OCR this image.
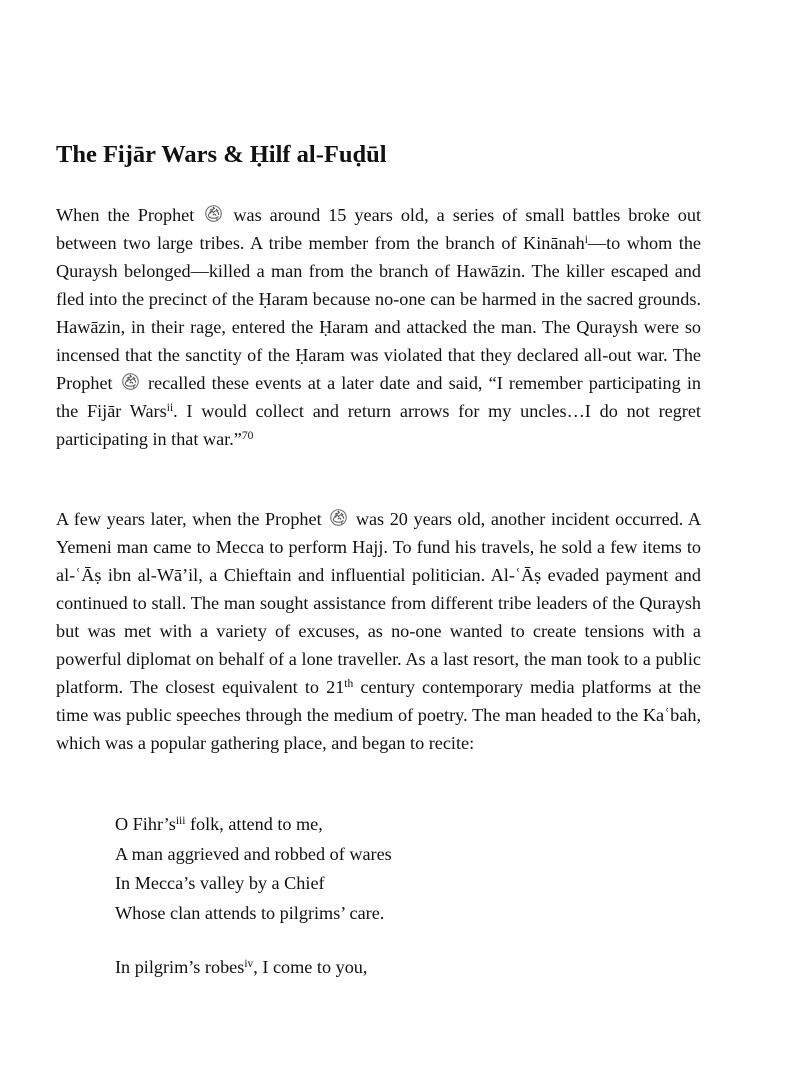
The Fijār Wars & Ḥilf al-Fuḍūl

When the Prophet was around 15 years old, a series of small battles broke out between two large tribes. A tribe member from the branch of Kinānah$^i$—to whom the Quraysh belonged—killed a man from the branch of Hawāzin. The killer escaped and fled into the precinct of the Ḥaram because no-one can be harmed in the sacred grounds. Hawāzin, in their rage, entered the Ḥaram and attacked the man. The Quraysh were so incensed that the sanctity of the Ḥaram was violated that they declared all-out war. The Prophet recalled these events at a later date and said, “I remember participating in the Fijār Wars$^{ii}$. I would collect and return arrows for my uncles…I do not regret participating in that war.”$^{70}$

A few years later, when the Prophet was 20 years old, another incident occurred. A Yemeni man came to Mecca to perform Hajj. To fund his travels, he sold a few items to al-ʿĀṣ ibn al-Wā’il, a Chieftain and influential politician. Al-ʿĀṣ evaded payment and continued to stall. The man sought assistance from different tribe leaders of the Quraysh but was met with a variety of excuses, as no-one wanted to create tensions with a powerful diplomat on behalf of a lone traveller. As a last resort, the man took to a public platform. The closest equivalent to 21th century contemporary media platforms at the time was public speeches through the medium of poetry. The man headed to the Kaʿbah, which was a popular gathering place, and began to recite:

O $Fihr’s^{iii}$ folk, attend to me,
A man aggrieved and robbed of wares
In Mecca’s valley by a Chief
Whose clan attends to pilgrims’ care.
In pilgrim’s robes$^{iv}$, I come to you,
